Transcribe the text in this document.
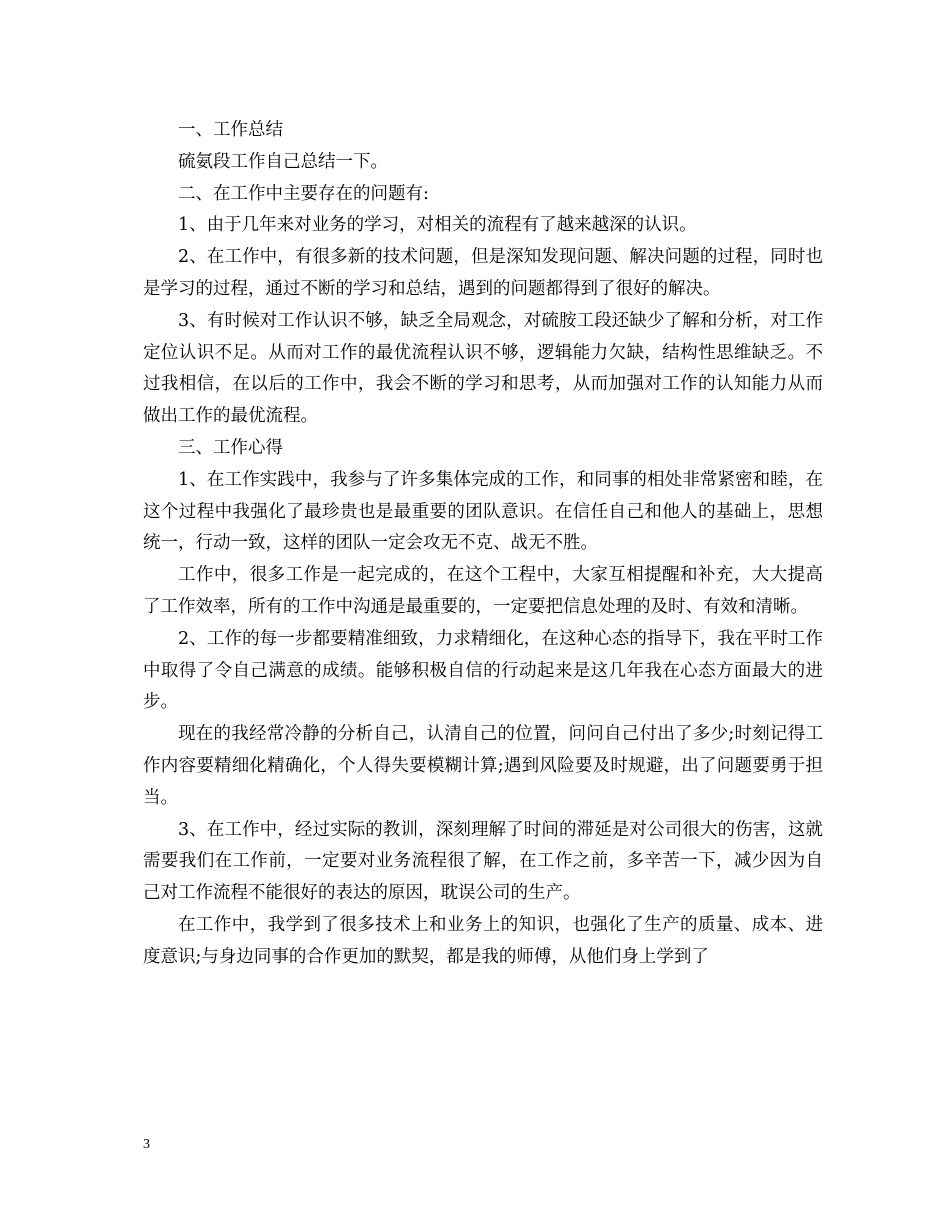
一、工作总结

硫氨段工作自己总结一下。

二、在工作中主要存在的问题有:

1、由于几年来对业务的学习，对相关的流程有了越来越深的认识。

2、在工作中，有很多新的技术问题，但是深知发现问题、解决问题的过程，同时也是学习的过程，通过不断的学习和总结，遇到的问题都得到了很好的解决。

3、有时候对工作认识不够，缺乏全局观念，对硫胺工段还缺少了解和分析，对工作定位认识不足。从而对工作的最优流程认识不够，逻辑能力欠缺，结构性思维缺乏。不过我相信，在以后的工作中，我会不断的学习和思考，从而加强对工作的认知能力从而做出工作的最优流程。

三、工作心得

1、在工作实践中，我参与了许多集体完成的工作，和同事的相处非常紧密和睦，在这个过程中我强化了最珍贵也是最重要的团队意识。在信任自己和他人的基础上，思想统一，行动一致，这样的团队一定会攻无不克、战无不胜。

工作中，很多工作是一起完成的，在这个工程中，大家互相提醒和补充，大大提高了工作效率，所有的工作中沟通是最重要的，一定要把信息处理的及时、有效和清晰。

2、工作的每一步都要精准细致，力求精细化，在这种心态的指导下，我在平时工作中取得了令自己满意的成绩。能够积极自信的行动起来是这几年我在心态方面最大的进步。

现在的我经常冷静的分析自己，认清自己的位置，问问自己付出了多少;时刻记得工作内容要精细化精确化，个人得失要模糊计算;遇到风险要及时规避，出了问题要勇于担当。

3、在工作中，经过实际的教训，深刻理解了时间的滞延是对公司很大的伤害，这就需要我们在工作前，一定要对业务流程很了解，在工作之前，多辛苦一下，减少因为自己对工作流程不能很好的表达的原因，耽误公司的生产。

在工作中，我学到了很多技术上和业务上的知识，也强化了生产的质量、成本、进度意识;与身边同事的合作更加的默契，都是我的师傅，从他们身上学到了

3
